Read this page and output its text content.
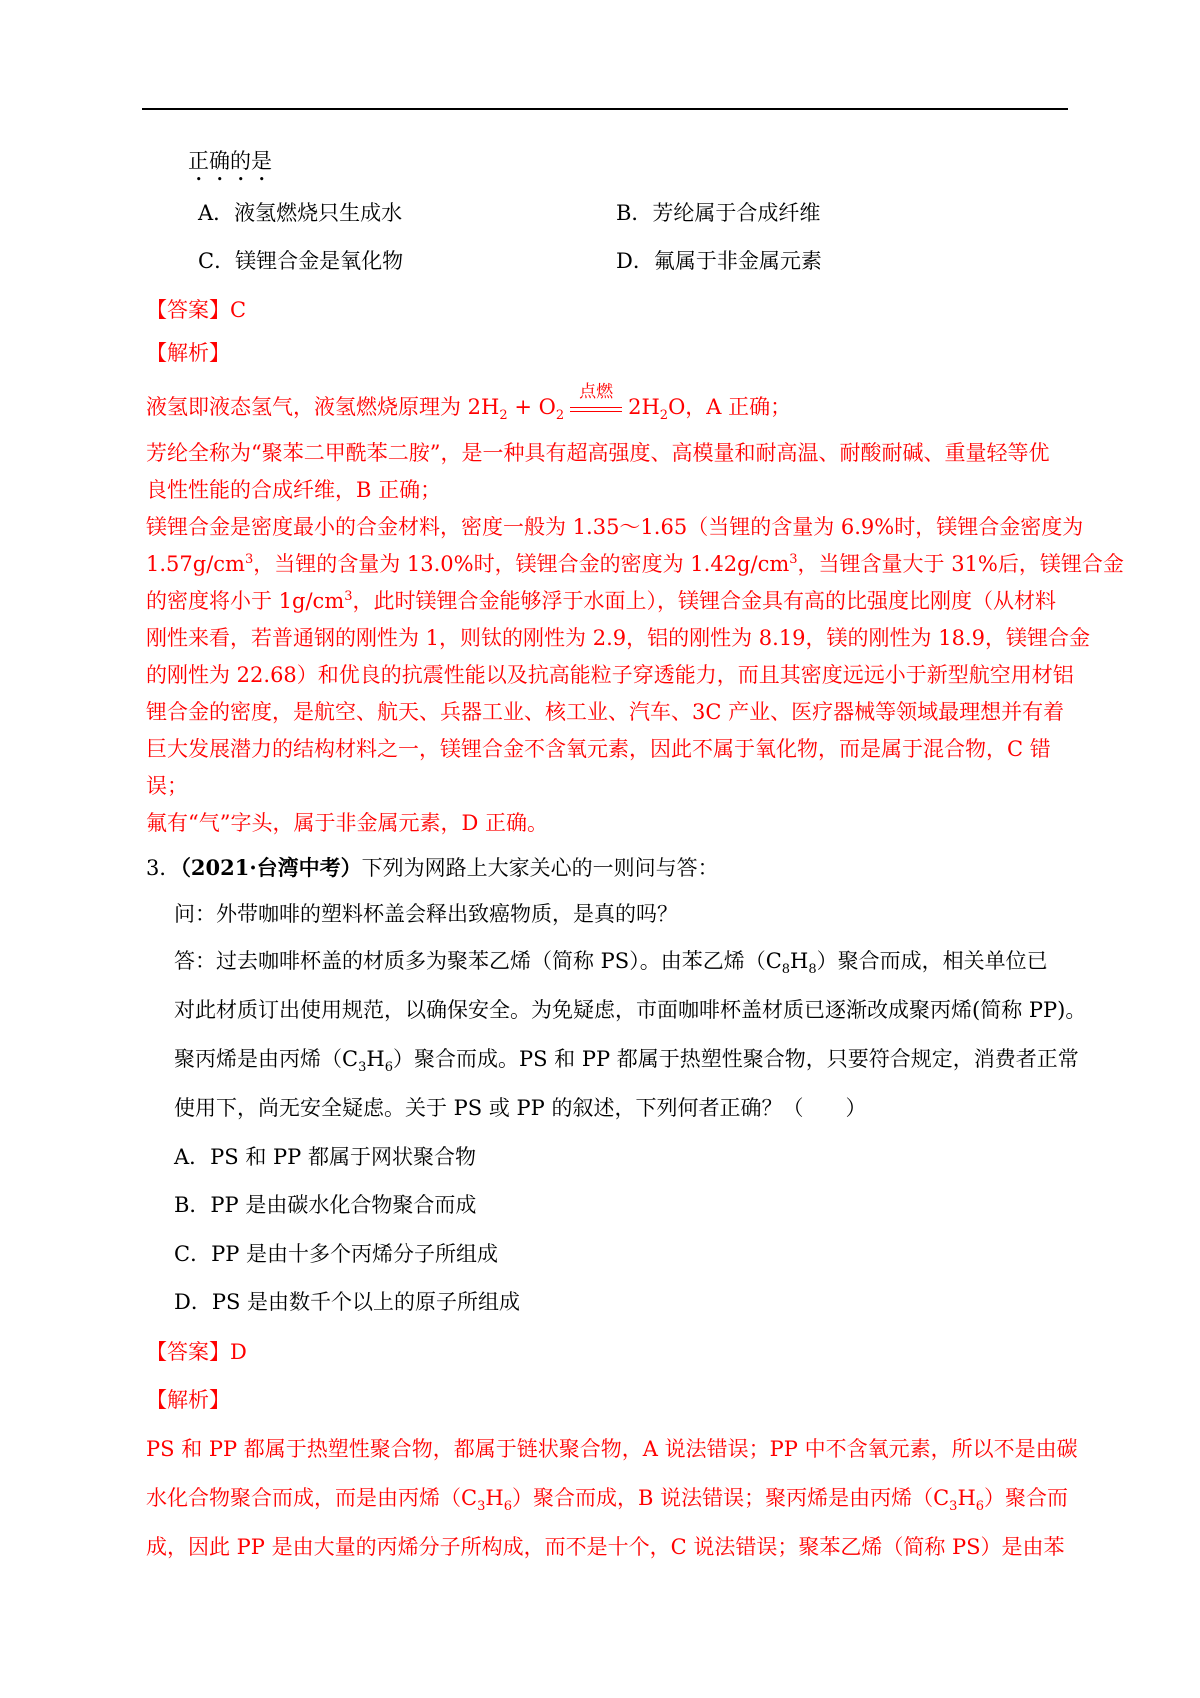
正确的是
A．液氢燃烧只生成水	B．芳纶属于合成纤维
C．镁锂合金是氧化物	D．氟属于非金属元素
【答案】C
【解析】
液氢即液态氢气，液氢燃烧原理为 $2H_2 + O_2$
点燃
$2H_2O$，A 正确；
芳纶全称为“聚苯二甲酰苯二胺”，是一种具有超高强度、高模量和耐高温、耐酸耐碱、重量轻等优
良性性能的合成纤维，B 正确；
镁锂合金是密度最小的合金材料，密度一般为 1.35～1.65（当锂的含量为 6.9%时，镁锂合金密度为
$1.57g/cm^3$，当锂的含量为 13.0%时，镁锂合金的密度为 $1.42g/cm^3$，当锂含量大于 31%后，镁锂合金
的密度将小于 $1g/cm^3$，此时镁锂合金能够浮于水面上），镁锂合金具有高的比强度比刚度（从材料
刚性来看，若普通钢的刚性为 1，则钛的刚性为 2.9，铝的刚性为 8.19，镁的刚性为 18.9，镁锂合金
的刚性为 22.68）和优良的抗震性能以及抗高能粒子穿透能力，而且其密度远远小于新型航空用材铝
锂合金的密度，是航空、航天、兵器工业、核工业、汽车、3C 产业、医疗器械等领域最理想并有着
巨大发展潜力的结构材料之一，镁锂合金不含氧元素，因此不属于氧化物，而是属于混合物，C 错
误；
氟有“气”字头，属于非金属元素，D 正确。
3．（2021·台湾中考）下列为网路上大家关心的一则问与答：
问：外带咖啡的塑料杯盖会释出致癌物质，是真的吗？
答：过去咖啡杯盖的材质多为聚苯乙烯（简称 PS）。由苯乙烯$(C_8H_8)$聚合而成，相关单位已
对此材质订出使用规范，以确保安全。为免疑虑，市面咖啡杯盖材质已逐渐改成聚丙烯(简称 PP)。
聚丙烯是由丙烯$(C_3H_6)$聚合而成。PS 和 PP 都属于热塑性聚合物，只要符合规定，消费者正常
使用下，尚无安全疑虑。关于 PS 或 PP 的叙述，下列何者正确？（　　）
A．PS 和 PP 都属于网状聚合物
B．PP 是由碳水化合物聚合而成
C．PP 是由十多个丙烯分子所组成
D．PS 是由数千个以上的原子所组成
【答案】D
【解析】
PS 和 PP 都属于热塑性聚合物，都属于链状聚合物，A 说法错误；PP 中不含氧元素，所以不是由碳
水化合物聚合而成，而是由丙烯$(C_3H_6)$聚合而成，B 说法错误；聚丙烯是由丙烯$(C_3H_6)$聚合而
成，因此 PP 是由大量的丙烯分子所构成，而不是十个，C 说法错误；聚苯乙烯（简称 PS）是由苯
